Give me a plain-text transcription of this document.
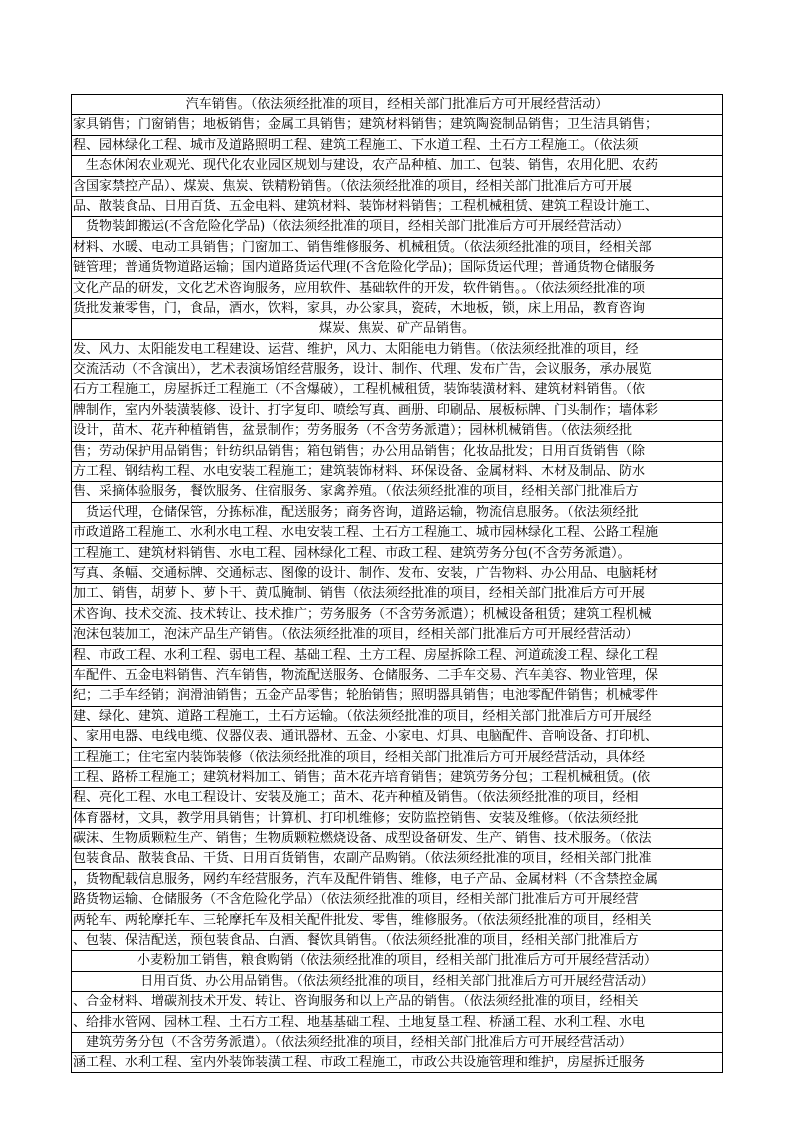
汽车销售。（依法须经批准的项目，经相关部门批准后方可开展经营活动）
家具销售；门窗销售；地板销售；金属工具销售；建筑材料销售；建筑陶瓷制品销售；卫生洁具销售；
程、园林绿化工程、城市及道路照明工程、建筑工程施工、下水道工程、土石方工程施工。（依法须
生态休闲农业观光、现代化农业园区规划与建设，农产品种植、加工、包装、销售，农用化肥、农药
含国家禁控产品）、煤炭、焦炭、铁精粉销售。（依法须经批准的项目，经相关部门批准后方可开展
品、散装食品、日用百货、五金电料、建筑材料、装饰材料销售；工程机械租赁、建筑工程设计施工、
货物装卸搬运(不含危险化学品)（依法须经批准的项目，经相关部门批准后方可开展经营活动）
材料、水暖、电动工具销售；门窗加工、销售维修服务、机械租赁。（依法须经批准的项目，经相关部
链管理；普通货物道路运输；国内道路货运代理(不含危险化学品)；国际货运代理；普通货物仓储服务
文化产品的研发，文化艺术咨询服务，应用软件、基础软件的开发，软件销售。。（依法须经批准的项
货批发兼零售，门，食品，酒水，饮料，家具，办公家具，瓷砖，木地板，锁，床上用品，教育咨询
煤炭、焦炭、矿产品销售。
发、风力、太阳能发电工程建设、运营、维护，风力、太阳能电力销售。（依法须经批准的项目，经
交流活动（不含演出），艺术表演场馆经营服务，设计、制作、代理、发布广告，会议服务，承办展览
石方工程施工，房屋拆迁工程施工（不含爆破），工程机械租赁，装饰装潢材料、建筑材料销售。（依
牌制作，室内外装潢装修、设计、打字复印、喷绘写真、画册、印刷品、展板标牌、门头制作；墙体彩
设计，苗木、花卉种植销售，盆景制作；劳务服务（不含劳务派遣）；园林机械销售。（依法须经批
售；劳动保护用品销售；针纺织品销售；箱包销售；办公用品销售；化妆品批发；日用百货销售（除
方工程、钢结构工程、水电安装工程施工；建筑装饰材料、环保设备、金属材料、木材及制品、防水
售、采摘体验服务，餐饮服务、住宿服务、家禽养殖。（依法须经批准的项目，经相关部门批准后方
货运代理，仓储保管，分拣标准，配送服务；商务咨询，道路运输，物流信息服务。（依法须经批
市政道路工程施工、水利水电工程、水电安装工程、土石方工程施工、城市园林绿化工程、公路工程施
工程施工、建筑材料销售、水电工程、园林绿化工程、市政工程、建筑劳务分包(不含劳务派遣）。
写真、条幅、交通标牌、交通标志、图像的设计、制作、发布、安装，广告物料、办公用品、电脑耗材
加工、销售，胡萝卜、萝卜干、黄瓜腌制、销售（依法须经批准的项目，经相关部门批准后方可开展
术咨询、技术交流、技术转让、技术推广；劳务服务（不含劳务派遣）；机械设备租赁；建筑工程机械
泡沫包装加工，泡沫产品生产销售。（依法须经批准的项目，经相关部门批准后方可开展经营活动）
程、市政工程、水利工程、弱电工程、基础工程、土方工程、房屋拆除工程、河道疏浚工程、绿化工程
车配件、五金电料销售、汽车销售，物流配送服务、仓储服务、二手车交易、汽车美容、物业管理，保
纪；二手车经销；润滑油销售；五金产品零售；轮胎销售；照明器具销售；电池零配件销售；机械零件
建、绿化、建筑、道路工程施工，土石方运输。（依法须经批准的项目，经相关部门批准后方可开展经
、家用电器、电线电缆、仪器仪表、通讯器材、五金、小家电、灯具、电脑配件、音响设备、打印机、
工程施工；住宅室内装饰装修（依法须经批准的项目，经相关部门批准后方可开展经营活动，具体经
工程、路桥工程施工；建筑材料加工、销售；苗木花卉培育销售；建筑劳务分包；工程机械租赁。(依
程、亮化工程、水电工程设计、安装及施工；苗木、花卉种植及销售。（依法须经批准的项目，经相
体育器材，文具，教学用具销售；计算机、打印机维修；安防监控销售、安装及维修。（依法须经批
碳沫、生物质颗粒生产、销售；生物质颗粒燃烧设备、成型设备研发、生产、销售、技术服务。（依法
包装食品、散装食品、干货、日用百货销售，农副产品购销。（依法须经批准的项目，经相关部门批准
，货物配载信息服务，网约车经营服务，汽车及配件销售、维修，电子产品、金属材料（不含禁控金属
路货物运输、仓储服务（不含危险化学品）（依法须经批准的项目，经相关部门批准后方可开展经营
两轮车、两轮摩托车、三轮摩托车及相关配件批发、零售，维修服务。（依法须经批准的项目，经相关
、包装、保洁配送，预包装食品、白酒、餐饮具销售。（依法须经批准的项目，经相关部门批准后方
小麦粉加工销售，粮食购销（依法须经批准的项目，经相关部门批准后方可开展经营活动）
日用百货、办公用品销售。（依法须经批准的项目，经相关部门批准后方可开展经营活动）
、合金材料、增碳剂技术开发、转让、咨询服务和以上产品的销售。（依法须经批准的项目，经相关
、给排水管网、园林工程、土石方工程、地基基础工程、土地复垦工程、桥涵工程、水利工程、水电
建筑劳务分包（不含劳务派遣）。（依法须经批准的项目，经相关部门批准后方可开展经营活动）
涵工程、水利工程、室内外装饰装潢工程、市政工程施工，市政公共设施管理和维护，房屋拆迁服务
